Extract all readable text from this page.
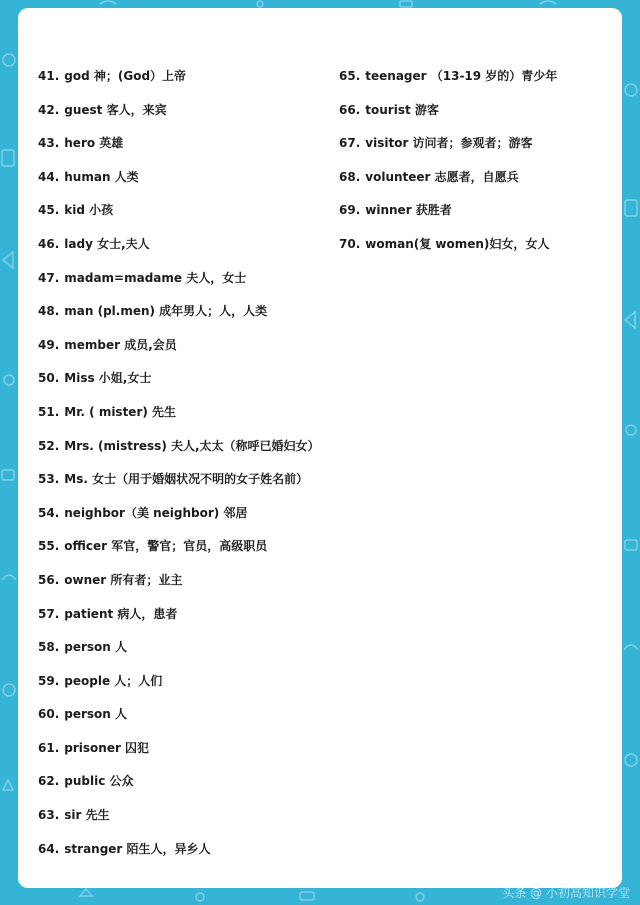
41. god 神；(God）上帝
42. guest 客人，来宾
43. hero 英雄
44. human 人类
45. kid 小孩
46. lady 女士,夫人
47. madam=madame 夫人，女士
48. man (pl.men) 成年男人；人，人类
49. member 成员,会员
50. Miss 小姐,女士
51. Mr. ( mister) 先生
52. Mrs. (mistress) 夫人,太太（称呼已婚妇女）
53. Ms. 女士（用于婚姻状况不明的女子姓名前）
54. neighbor（美 neighbor) 邻居
55. officer 军官，警官；官员，高级职员
56. owner 所有者；业主
57. patient 病人，患者
58. person 人
59. people 人；人们
60. person 人
61. prisoner 囚犯
62. public 公众
63. sir 先生
64. stranger 陌生人，异乡人
65. teenager （13-19 岁的）青少年
66. tourist 游客
67. visitor 访问者；参观者；游客
68. volunteer 志愿者，自愿兵
69. winner 获胜者
70. woman(复 women)妇女，女人
头条 @ 小初高知识学堂
